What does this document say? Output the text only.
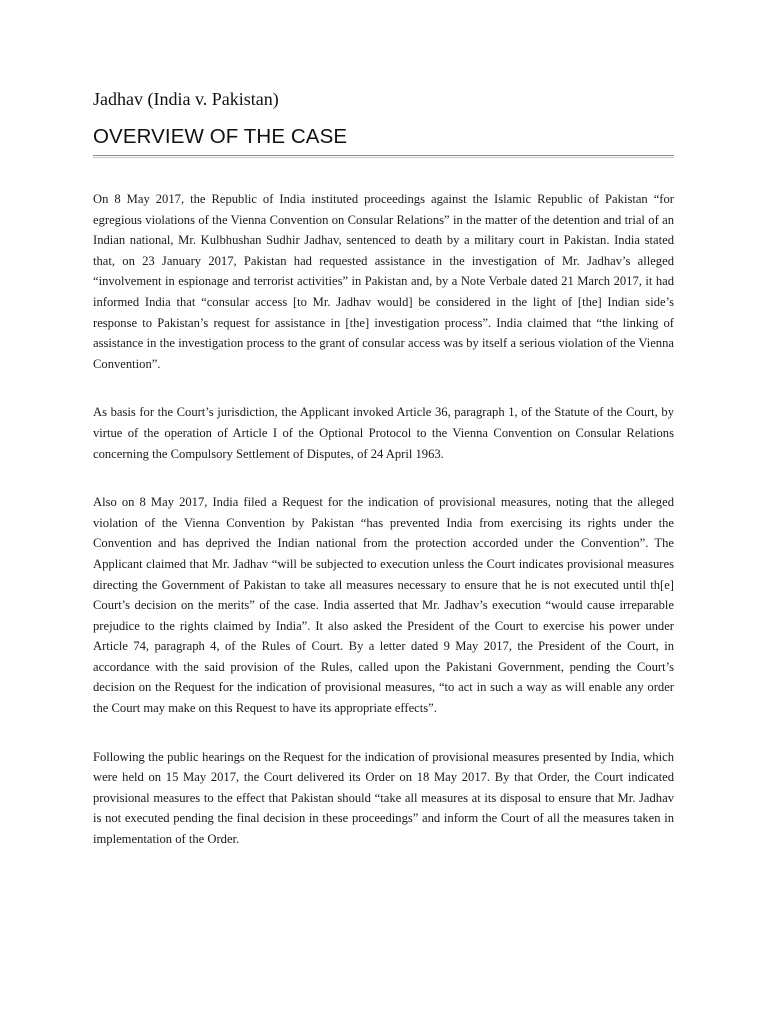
Jadhav (India v. Pakistan)
OVERVIEW OF THE CASE

On 8 May 2017, the Republic of India instituted proceedings against the Islamic Republic of Pakistan “for egregious violations of the Vienna Convention on Consular Relations” in the matter of the detention and trial of an Indian national, Mr. Kulbhushan Sudhir Jadhav, sentenced to death by a military court in Pakistan. India stated that, on 23 January 2017, Pakistan had requested assistance in the investigation of Mr. Jadhav’s alleged “involvement in espionage and terrorist activities” in Pakistan and, by a Note Verbale dated 21 March 2017, it had informed India that “consular access [to Mr. Jadhav would] be considered in the light of [the] Indian side’s response to Pakistan’s request for assistance in [the] investigation process”. India claimed that “the linking of assistance in the investigation process to the grant of consular access was by itself a serious violation of the Vienna Convention”.

As basis for the Court’s jurisdiction, the Applicant invoked Article 36, paragraph 1, of the Statute of the Court, by virtue of the operation of Article I of the Optional Protocol to the Vienna Convention on Consular Relations concerning the Compulsory Settlement of Disputes, of 24 April 1963.

Also on 8 May 2017, India filed a Request for the indication of provisional measures, noting that the alleged violation of the Vienna Convention by Pakistan “has prevented India from exercising its rights under the Convention and has deprived the Indian national from the protection accorded under the Convention”. The Applicant claimed that Mr. Jadhav “will be subjected to execution unless the Court indicates provisional measures directing the Government of Pakistan to take all measures necessary to ensure that he is not executed until th[e] Court’s decision on the merits” of the case. India asserted that Mr. Jadhav’s execution “would cause irreparable prejudice to the rights claimed by India”. It also asked the President of the Court to exercise his power under Article 74, paragraph 4, of the Rules of Court. By a letter dated 9 May 2017, the President of the Court, in accordance with the said provision of the Rules, called upon the Pakistani Government, pending the Court’s decision on the Request for the indication of provisional measures, “to act in such a way as will enable any order the Court may make on this Request to have its appropriate effects”.

Following the public hearings on the Request for the indication of provisional measures presented by India, which were held on 15 May 2017, the Court delivered its Order on 18 May 2017. By that Order, the Court indicated provisional measures to the effect that Pakistan should “take all measures at its disposal to ensure that Mr. Jadhav is not executed pending the final decision in these proceedings” and inform the Court of all the measures taken in implementation of the Order.
